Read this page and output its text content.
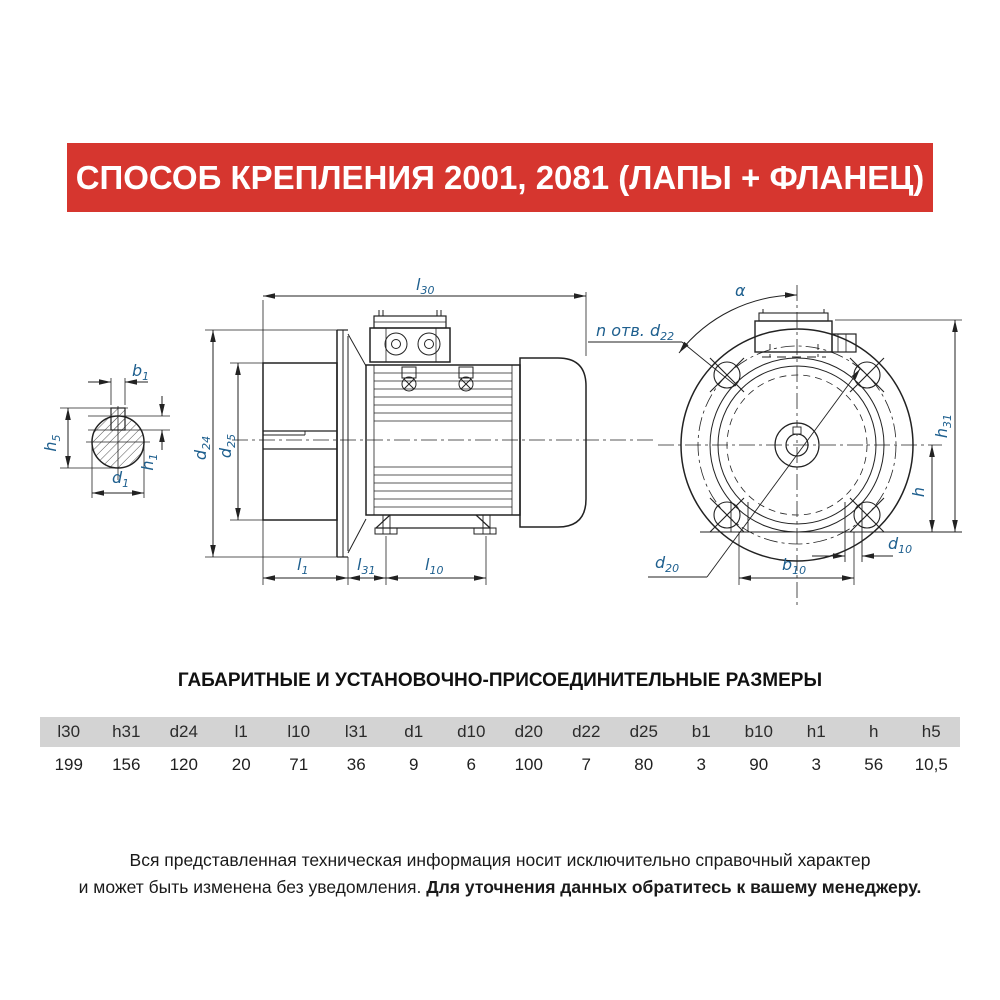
СПОСОБ КРЕПЛЕНИЯ 2001, 2081 (ЛАПЫ + ФЛАНЕЦ)
$b_1$
$h_5$
$h_1$
$d_1$
$l_{30}$
$d_{24}$
$d_{25}$
$l_1$	$l_{31}$	$l_{10}$
α
n отв. $d_{22}$
$h_{31}$
h
$d_{10}$
$b_{10}$
$d_{20}$
ГАБАРИТНЫЕ И УСТАНОВОЧНО-ПРИСОЕДИНИТЕЛЬНЫЕ РАЗМЕРЫ
l30	h31	d24	l1	l10	l31	d1	d10	d20	d22	d25	b1	b10	h1	h	h5
199	156	120	20	71	36	9	6	100	7	80	3	90	3	56	10,5
Вся представленная техническая информация носит исключительно справочный характер
и может быть изменена без уведомления. Для уточнения данных обратитесь к вашему менеджеру.
